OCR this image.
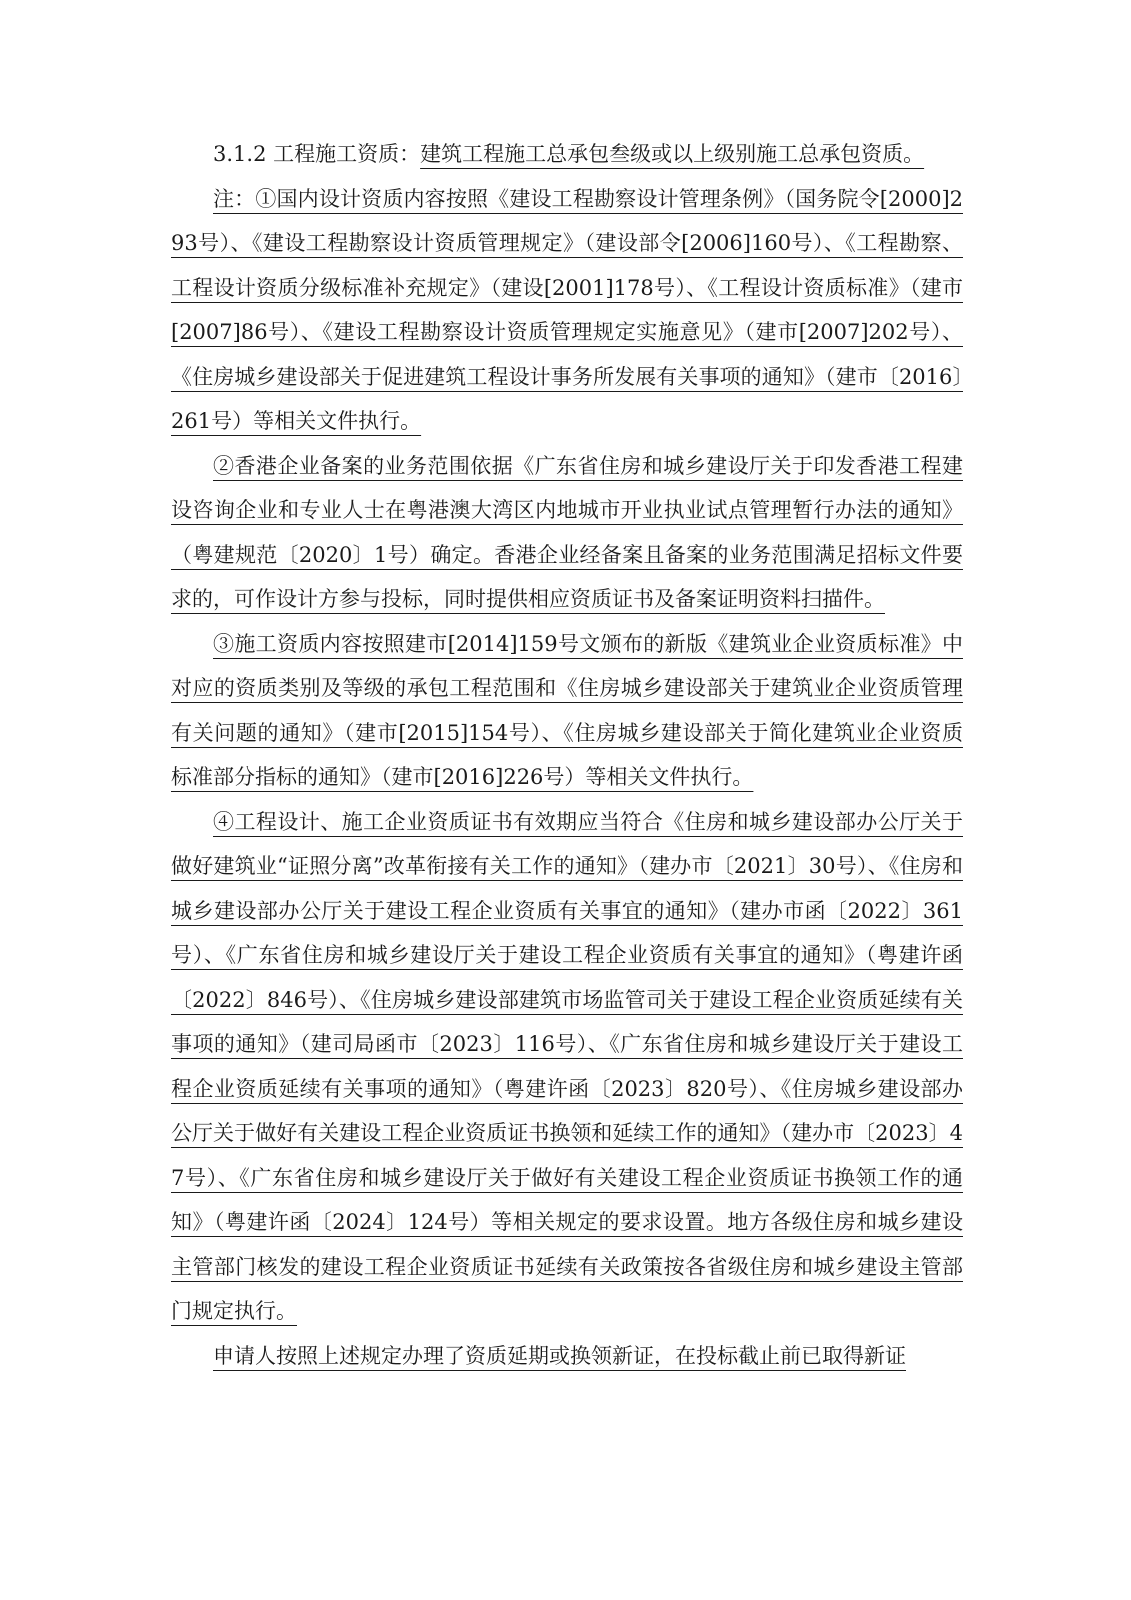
3.1.2 工程施工资质：建筑工程施工总承包叁级或以上级别施工总承包资质。

注：①国内设计资质内容按照《建设工程勘察设计管理条例》（国务院令[2000]293号）、《建设工程勘察设计资质管理规定》（建设部令[2006]160号）、《工程勘察、工程设计资质分级标准补充规定》（建设[2001]178号）、《工程设计资质标准》（建市[2007]86号）、《建设工程勘察设计资质管理规定实施意见》（建市[2007]202号）、《住房城乡建设部关于促进建筑工程设计事务所发展有关事项的通知》（建市〔2016〕261号）等相关文件执行。

②香港企业备案的业务范围依据《广东省住房和城乡建设厅关于印发香港工程建设咨询企业和专业人士在粤港澳大湾区内地城市开业执业试点管理暂行办法的通知》（粤建规范〔2020〕1号）确定。香港企业经备案且备案的业务范围满足招标文件要求的，可作设计方参与投标，同时提供相应资质证书及备案证明资料扫描件。

③施工资质内容按照建市[2014]159号文颁布的新版《建筑业企业资质标准》中对应的资质类别及等级的承包工程范围和《住房城乡建设部关于建筑业企业资质管理有关问题的通知》（建市[2015]154号）、《住房城乡建设部关于简化建筑业企业资质标准部分指标的通知》（建市[2016]226号）等相关文件执行。

④工程设计、施工企业资质证书有效期应当符合《住房和城乡建设部办公厅关于做好建筑业“证照分离”改革衔接有关工作的通知》（建办市〔2021〕30号）、《住房和城乡建设部办公厅关于建设工程企业资质有关事宜的通知》（建办市函〔2022〕361号）、《广东省住房和城乡建设厅关于建设工程企业资质有关事宜的通知》（粤建许函〔2022〕846号）、《住房城乡建设部建筑市场监管司关于建设工程企业资质延续有关事项的通知》（建司局函市〔2023〕116号）、《广东省住房和城乡建设厅关于建设工程企业资质延续有关事项的通知》（粤建许函〔2023〕820号）、《住房城乡建设部办公厅关于做好有关建设工程企业资质证书换领和延续工作的通知》（建办市〔2023〕47号）、《广东省住房和城乡建设厅关于做好有关建设工程企业资质证书换领工作的通知》（粤建许函〔2024〕124号）等相关规定的要求设置。地方各级住房和城乡建设主管部门核发的建设工程企业资质证书延续有关政策按各省级住房和城乡建设主管部门规定执行。

申请人按照上述规定办理了资质延期或换领新证，在投标截止前已取得新证
